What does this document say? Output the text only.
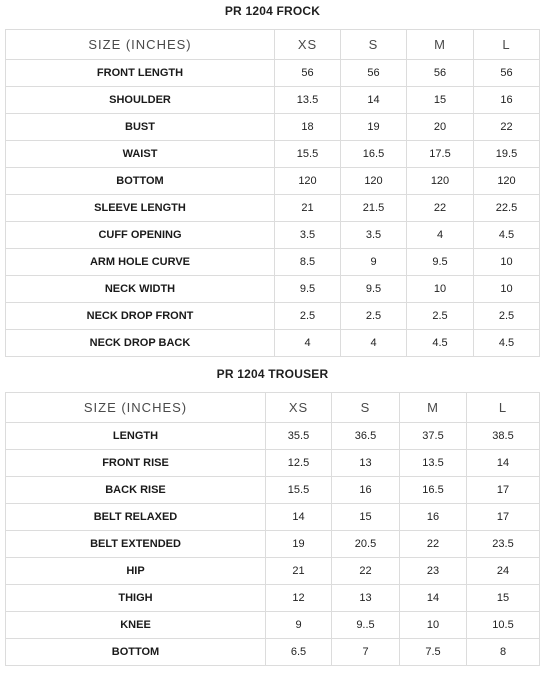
PR 1204 FROCK
SIZE (INCHES)	XS	S	M	L
FRONT LENGTH	56	56	56	56
SHOULDER	13.5	14	15	16
BUST	18	19	20	22
WAIST	15.5	16.5	17.5	19.5
BOTTOM	120	120	120	120
SLEEVE LENGTH	21	21.5	22	22.5
CUFF OPENING	3.5	3.5	4	4.5
ARM HOLE CURVE	8.5	9	9.5	10
NECK WIDTH	9.5	9.5	10	10
NECK DROP FRONT	2.5	2.5	2.5	2.5
NECK DROP BACK	4	4	4.5	4.5
PR 1204 TROUSER
SIZE (INCHES)	XS	S	M	L
LENGTH	35.5	36.5	37.5	38.5
FRONT RISE	12.5	13	13.5	14
BACK RISE	15.5	16	16.5	17
BELT RELAXED	14	15	16	17
BELT EXTENDED	19	20.5	22	23.5
HIP	21	22	23	24
THIGH	12	13	14	15
KNEE	9	9..5	10	10.5
BOTTOM	6.5	7	7.5	8
